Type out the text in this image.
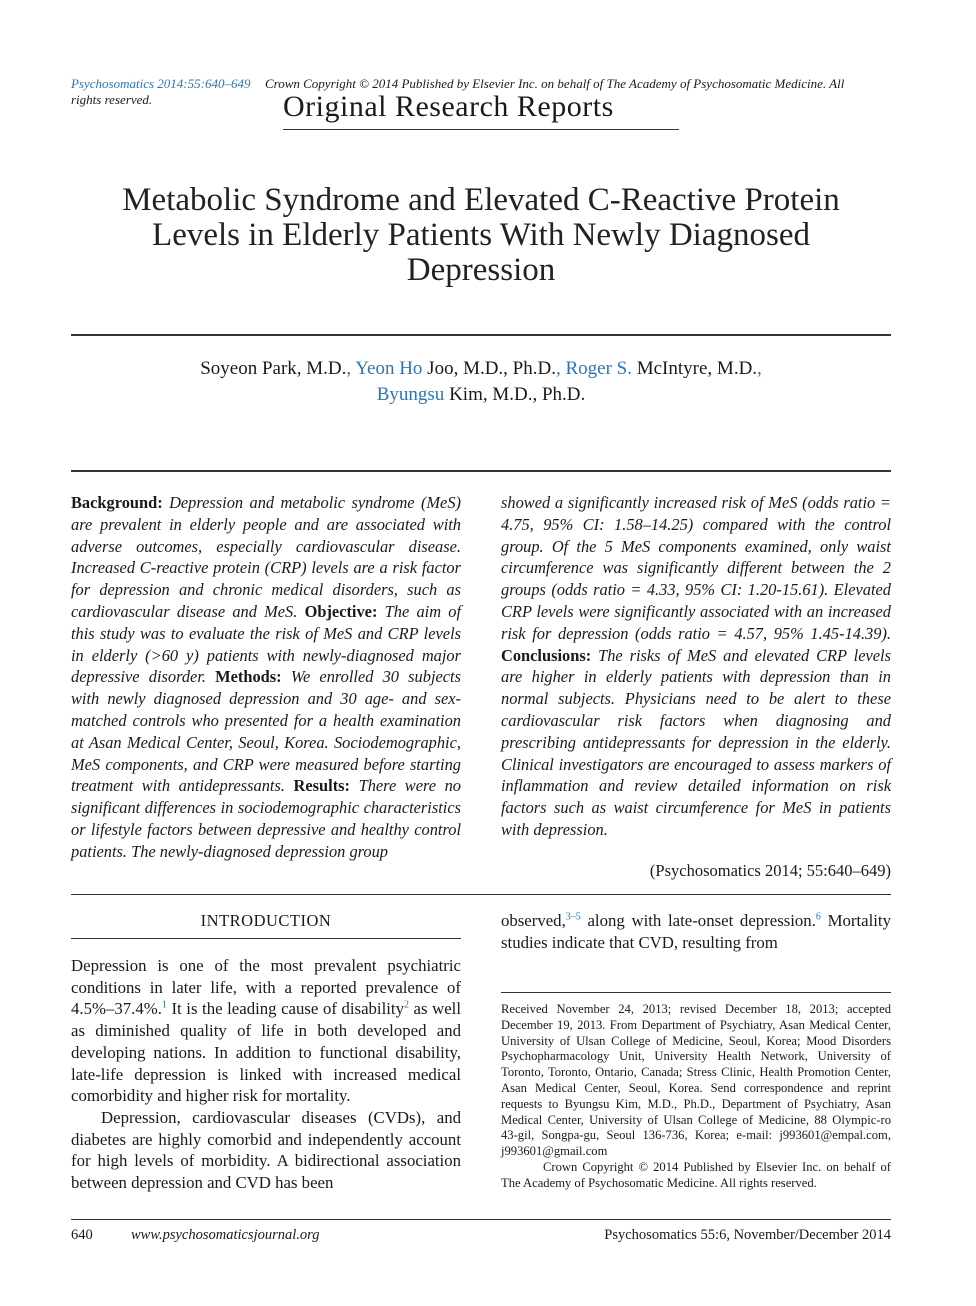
Psychosomatics 2014:55:640–649 Crown Copyright © 2014 Published by Elsevier Inc. on behalf of The Academy of Psychosomatic Medicine. All
rights reserved.	Original Research Reports
Metabolic Syndrome and Elevated C-Reactive Protein
Levels in Elderly Patients With Newly Diagnosed
Depression
Soyeon Park, M.D., Yeon Ho Joo, M.D., Ph.D., Roger S. McIntyre, M.D.,
Byungsu Kim, M.D., Ph.D.
Background: Depression and metabolic syndrome (MeS) are prevalent in elderly people and are associated with adverse outcomes, especially cardiovascular disease. Increased C-reactive protein (CRP) levels are a risk factor for depression and chronic medical disorders, such as cardiovascular disease and MeS. Objective: The aim of this study was to evaluate the risk of MeS and CRP levels in elderly (>60 y) patients with newly-diagnosed major depressive disorder. Methods: We enrolled 30 subjects with newly diagnosed depression and 30 age- and sex-matched controls who presented for a health examination at Asan Medical Center, Seoul, Korea. Sociodemographic, MeS components, and CRP were measured before starting treatment with antidepressants. Results: There were no significant differences in sociodemographic characteristics or lifestyle factors between depressive and healthy control patients. The newly-diagnosed depression group
showed a significantly increased risk of MeS (odds ratio = 4.75, 95% CI: 1.58–14.25) compared with the control group. Of the 5 MeS components examined, only waist circumference was significantly different between the 2 groups (odds ratio = 4.33, 95% CI: 1.20-15.61). Elevated CRP levels were significantly associated with an increased risk for depression (odds ratio = 4.57, 95% 1.45-14.39). Conclusions: The risks of MeS and elevated CRP levels are higher in elderly patients with depression than in normal subjects. Physicians need to be alert to these cardiovascular risk factors when diagnosing and prescribing antidepressants for depression in the elderly. Clinical investigators are encouraged to assess markers of inflammation and review detailed information on risk factors such as waist circumference for MeS in patients with depression.
(Psychosomatics 2014; 55:640–649)
INTRODUCTION

Depression is one of the most prevalent psychiatric conditions in later life, with a reported prevalence of 4.5%–37.4%.$^1$ It is the leading cause of disability$^2$ as well as diminished quality of life in both developed and developing nations. In addition to functional disability, late-life depression is linked with increased medical comorbidity and higher risk for mortality.

Depression, cardiovascular diseases (CVDs), and diabetes are highly comorbid and independently account for high levels of morbidity. A bidirectional association between depression and CVD has been

observed,$^{3-5}$ along with late-onset depression.$^6$ Mortality studies indicate that CVD, resulting from

Received November 24, 2013; revised December 18, 2013; accepted December 19, 2013. From Department of Psychiatry, Asan Medical Center, University of Ulsan College of Medicine, Seoul, Korea; Mood Disorders Psychopharmacology Unit, University Health Network, University of Toronto, Toronto, Ontario, Canada; Stress Clinic, Health Promotion Center, Asan Medical Center, Seoul, Korea. Send correspondence and reprint requests to Byungsu Kim, M.D., Ph.D., Department of Psychiatry, Asan Medical Center, University of Ulsan College of Medicine, 88 Olympic-ro 43-gil, Songpa-gu, Seoul 136-736, Korea; e-mail: j993601@empal.com, j993601@gmail.com

Crown Copyright © 2014 Published by Elsevier Inc. on behalf of The Academy of Psychosomatic Medicine. All rights reserved.

640	www.psychosomaticsjournal.org	Psychosomatics 55:6, November/December 2014
